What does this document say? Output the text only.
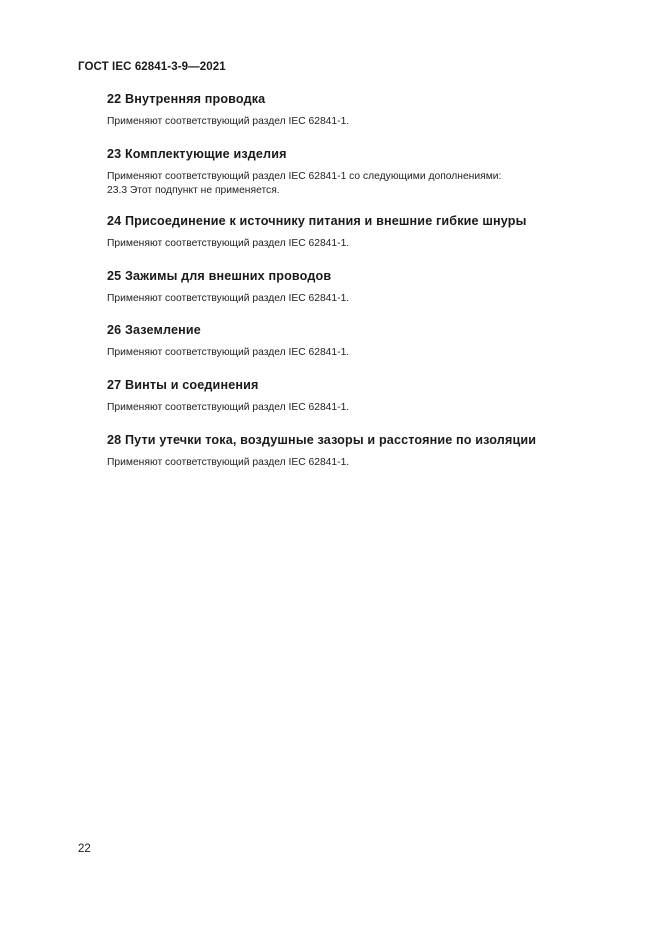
ГОСТ IEC 62841-3-9—2021
22 Внутренняя проводка
Применяют соответствующий раздел IEC 62841-1.
23 Комплектующие изделия
Применяют соответствующий раздел IEC 62841-1 со следующими дополнениями:
23.3 Этот подпункт не применяется.
24 Присоединение к источнику питания и внешние гибкие шнуры
Применяют соответствующий раздел IEC 62841-1.
25 Зажимы для внешних проводов
Применяют соответствующий раздел IEC 62841-1.
26 Заземление
Применяют соответствующий раздел IEC 62841-1.
27 Винты и соединения
Применяют соответствующий раздел IEC 62841-1.
28 Пути утечки тока, воздушные зазоры и расстояние по изоляции
Применяют соответствующий раздел IEC 62841-1.
22
